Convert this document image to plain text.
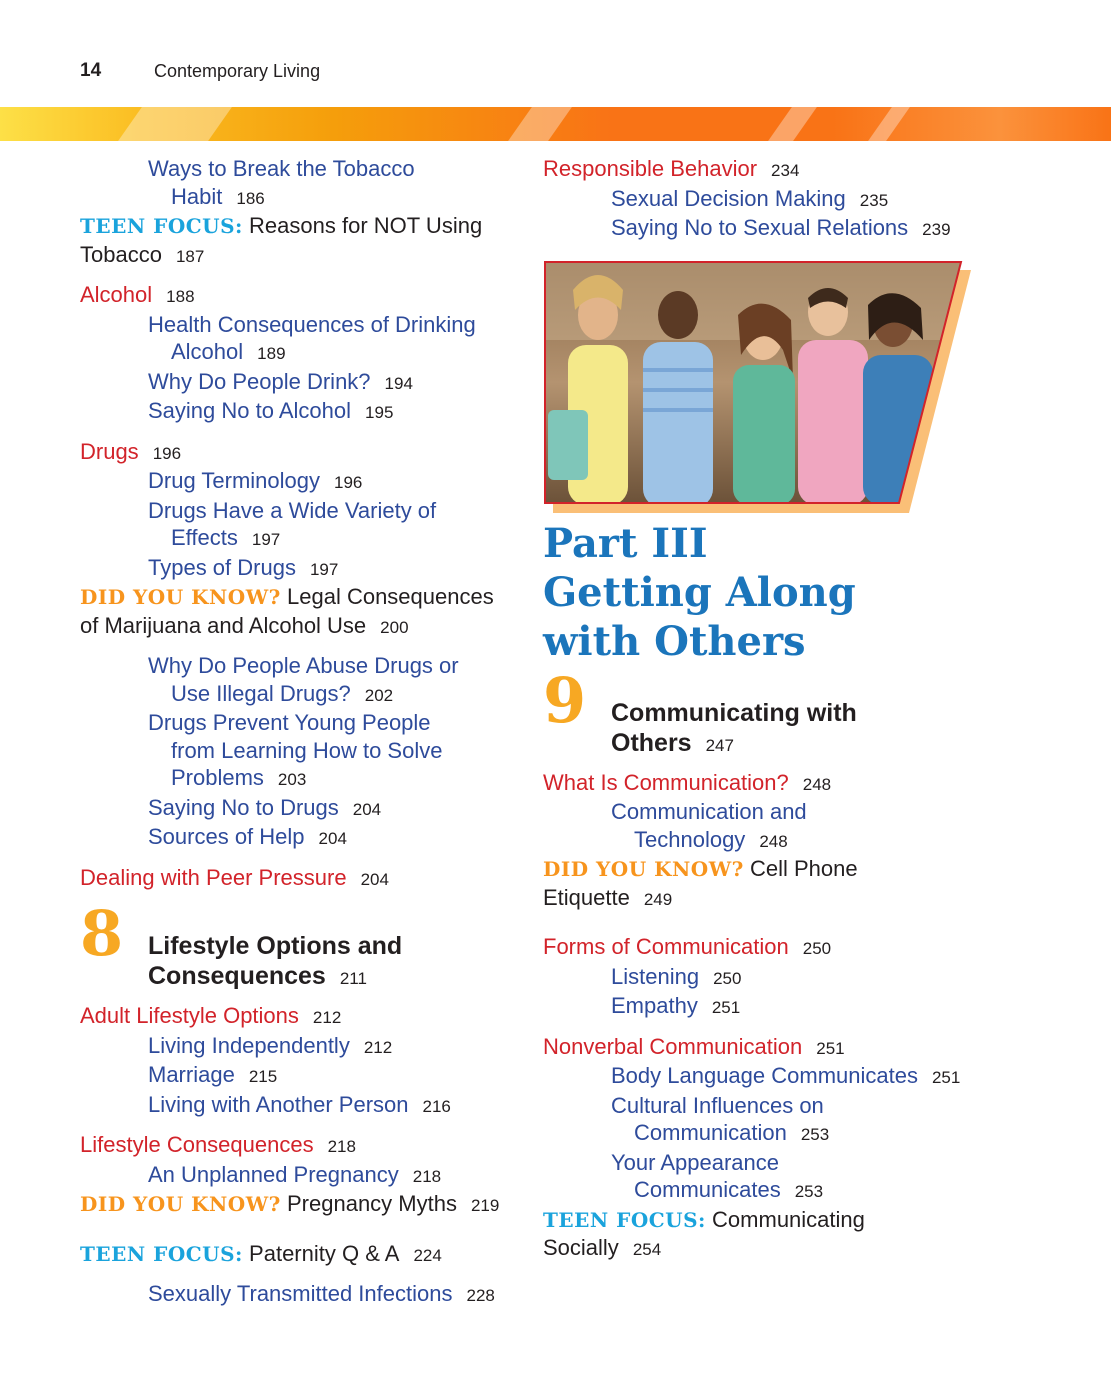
14	Contemporary Living
Ways to Break the Tobacco
Habit 186
TEEN FOCUS: Reasons for NOT Using
Tobacco 187
Alcohol 188
Health Consequences of Drinking
Alcohol 189
Why Do People Drink? 194
Saying No to Alcohol 195
Drugs 196
Drug Terminology 196
Drugs Have a Wide Variety of
Effects 197
Types of Drugs 197
DID YOU KNOW? Legal Consequences
of Marijuana and Alcohol Use 200
Why Do People Abuse Drugs or
Use Illegal Drugs? 202
Drugs Prevent Young People
from Learning How to Solve
Problems 203
Saying No to Drugs 204
Sources of Help 204
Dealing with Peer Pressure 204
8 Lifestyle Options and
Consequences 211
Adult Lifestyle Options 212
Living Independently 212
Marriage 215
Living with Another Person 216
Lifestyle Consequences 218
An Unplanned Pregnancy 218
DID YOU KNOW? Pregnancy Myths 219
TEEN FOCUS: Paternity Q & A 224
Sexually Transmitted Infections 228
Responsible Behavior 234
Sexual Decision Making 235
Saying No to Sexual Relations 239
Part III
Getting Along
with Others
9 Communicating with
Others 247
What Is Communication? 248
Communication and
Technology 248
DID YOU KNOW? Cell Phone
Etiquette 249
Forms of Communication 250
Listening 250
Empathy 251
Nonverbal Communication 251
Body Language Communicates 251
Cultural Influences on
Communication 253
Your Appearance
Communicates 253
TEEN FOCUS: Communicating
Socially 254
